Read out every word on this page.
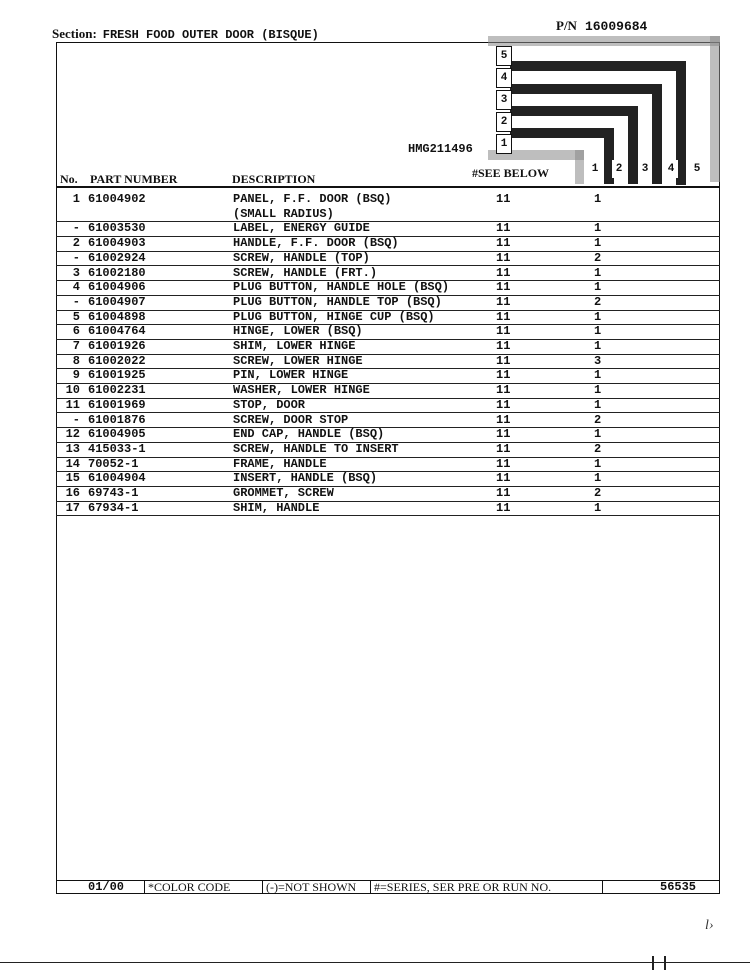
Section: FRESH FOOD OUTER DOOR (BISQUE)
P/N 16009684
5
4
3
2
1
1	2	3	4	5
HMG211496
No. PART NUMBER	DESCRIPTION	#SEE BELOW
1 61004902	PANEL, F.F. DOOR (BSQ)	11	1
(SMALL RADIUS)
- 61003530	LABEL, ENERGY GUIDE	11	1
2 61004903	HANDLE, F.F. DOOR (BSQ)	11	1
- 61002924	SCREW, HANDLE (TOP)	11	2
3 61002180	SCREW, HANDLE (FRT.)	11	1
4 61004906	PLUG BUTTON, HANDLE HOLE (BSQ)	11	1
- 61004907	PLUG BUTTON, HANDLE TOP (BSQ)	11	2
5 61004898	PLUG BUTTON, HINGE CUP (BSQ)	11	1
6 61004764	HINGE, LOWER (BSQ)	11	1
7 61001926	SHIM, LOWER HINGE	11	1
8 61002022	SCREW, LOWER HINGE	11	3
9 61001925	PIN, LOWER HINGE	11	1
10 61002231	WASHER, LOWER HINGE	11	1
11 61001969	STOP, DOOR	11	1
- 61001876	SCREW, DOOR STOP	11	2
12 61004905	END CAP, HANDLE (BSQ)	11	1
13 415033-1	SCREW, HANDLE TO INSERT	11	2
14 70052-1	FRAME, HANDLE	11	1
15 61004904	INSERT, HANDLE (BSQ)	11	1
16 69743-1	GROMMET, SCREW	11	2
17 67934-1	SHIM, HANDLE	11	1
01/00 *COLOR CODE	(-)=NOT SHOWN #=SERIES, SER PRE OR RUN NO.	56535
l›
